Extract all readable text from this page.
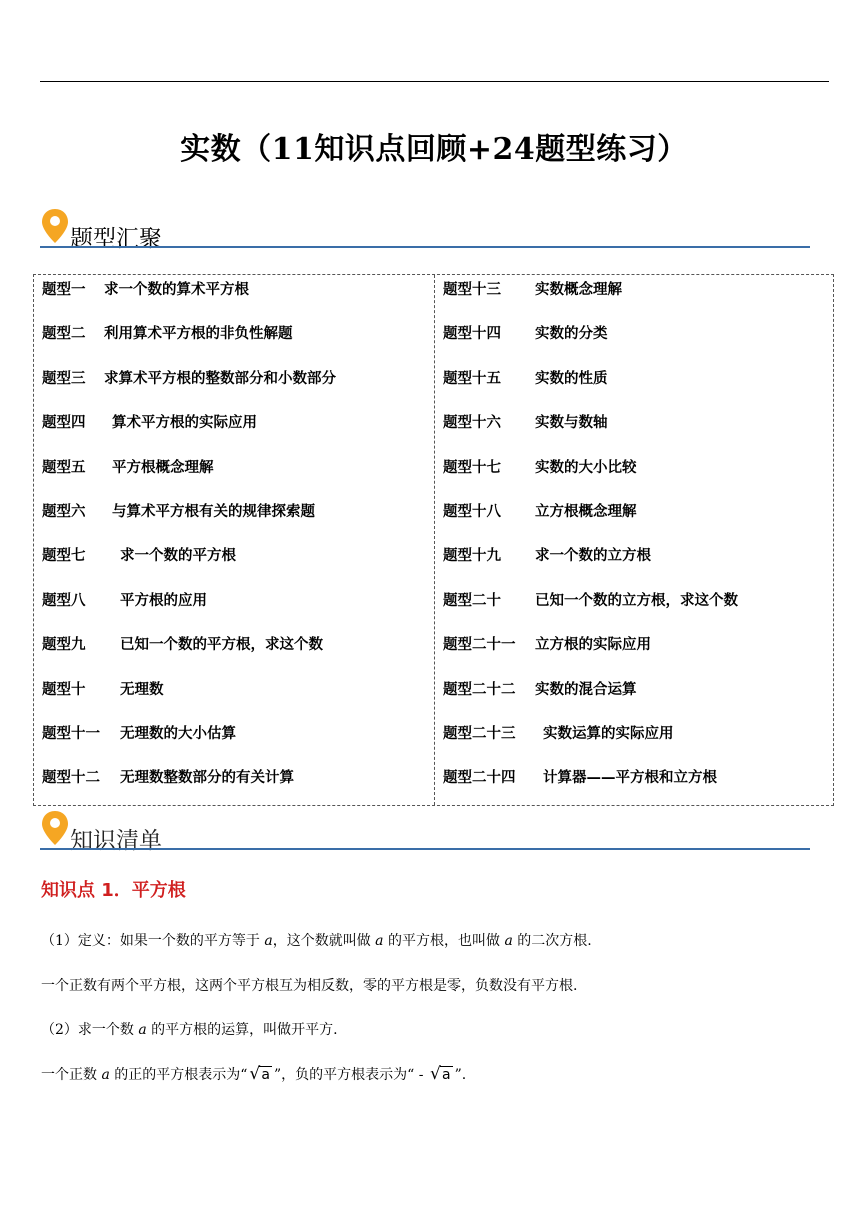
实数（11知识点回顾+24题型练习）
题型汇聚
题型一 求一个数的算术平方根
题型二 利用算术平方根的非负性解题
题型三 求算术平方根的整数部分和小数部分
题型四 算术平方根的实际应用
题型五 平方根概念理解
题型六 与算术平方根有关的规律探索题
题型七 求一个数的平方根
题型八 平方根的应用
题型九 已知一个数的平方根，求这个数
题型十 无理数
题型十一 无理数的大小估算
题型十二 无理数整数部分的有关计算
题型十三 实数概念理解
题型十四 实数的分类
题型十五 实数的性质
题型十六 实数与数轴
题型十七 实数的大小比较
题型十八 立方根概念理解
题型十九 求一个数的立方根
题型二十 已知一个数的立方根，求这个数
题型二十一 立方根的实际应用
题型二十二 实数的混合运算
题型二十三 实数运算的实际应用
题型二十四 计算器——平方根和立方根
知识清单
知识点 1．平方根
（1）定义：如果一个数的平方等于 a，这个数就叫做 a 的平方根，也叫做 a 的二次方根.
一个正数有两个平方根，这两个平方根互为相反数，零的平方根是零，负数没有平方根.
（2）求一个数 a 的平方根的运算，叫做开平方.
一个正数 a 的正的平方根表示为“ √ a ”，负的平方根表示为“ - √ a ”.
